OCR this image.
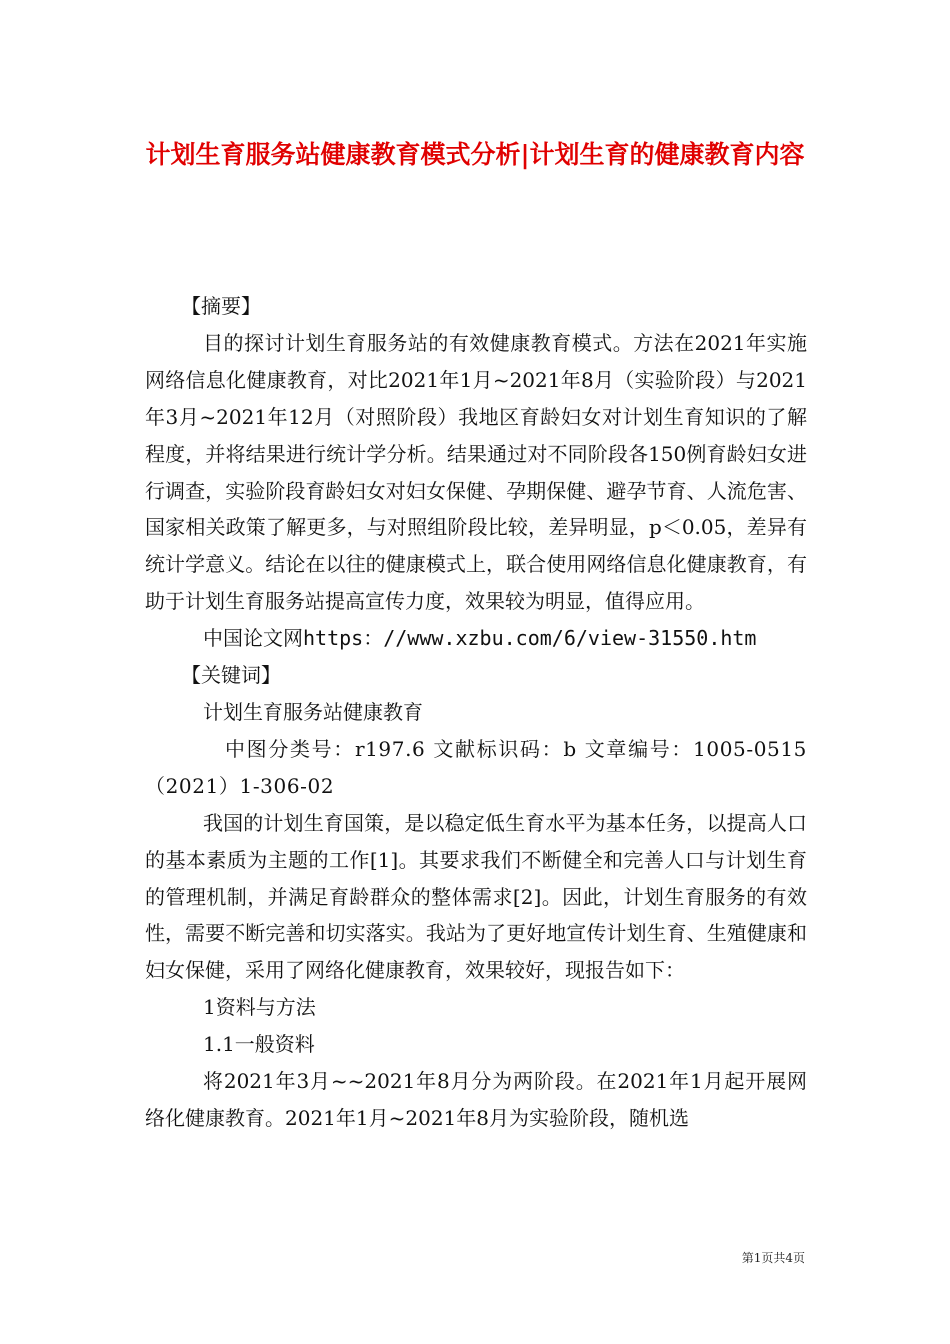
计划生育服务站健康教育模式分析|计划生育的健康教育内容

【摘要】

目的探讨计划生育服务站的有效健康教育模式。方法在2021年实施网络信息化健康教育，对比2021年1月~2021年8月（实验阶段）与2021年3月~2021年12月（对照阶段）我地区育龄妇女对计划生育知识的了解程度，并将结果进行统计学分析。结果通过对不同阶段各150例育龄妇女进行调查，实验阶段育龄妇女对妇女保健、孕期保健、避孕节育、人流危害、国家相关政策了解更多，与对照组阶段比较，差异明显，p＜0.05，差异有统计学意义。结论在以往的健康模式上，联合使用网络信息化健康教育，有助于计划生育服务站提高宣传力度，效果较为明显，值得应用。

中国论文网https：//www.xzbu.com/6/view-31550.htm

【关键词】

计划生育服务站健康教育

中图分类号：r197.6 文献标识码：b 文章编号：1005-0515（2021）1-306-02

我国的计划生育国策，是以稳定低生育水平为基本任务，以提高人口的基本素质为主题的工作[1]。其要求我们不断健全和完善人口与计划生育的管理机制，并满足育龄群众的整体需求[2]。因此，计划生育服务的有效性，需要不断完善和切实落实。我站为了更好地宣传计划生育、生殖健康和妇女保健，采用了网络化健康教育，效果较好，现报告如下：

1资料与方法

1.1一般资料

将2021年3月~~2021年8月分为两阶段。在2021年1月起开展网络化健康教育。2021年1月~2021年8月为实验阶段，随机选

第1页共4页
